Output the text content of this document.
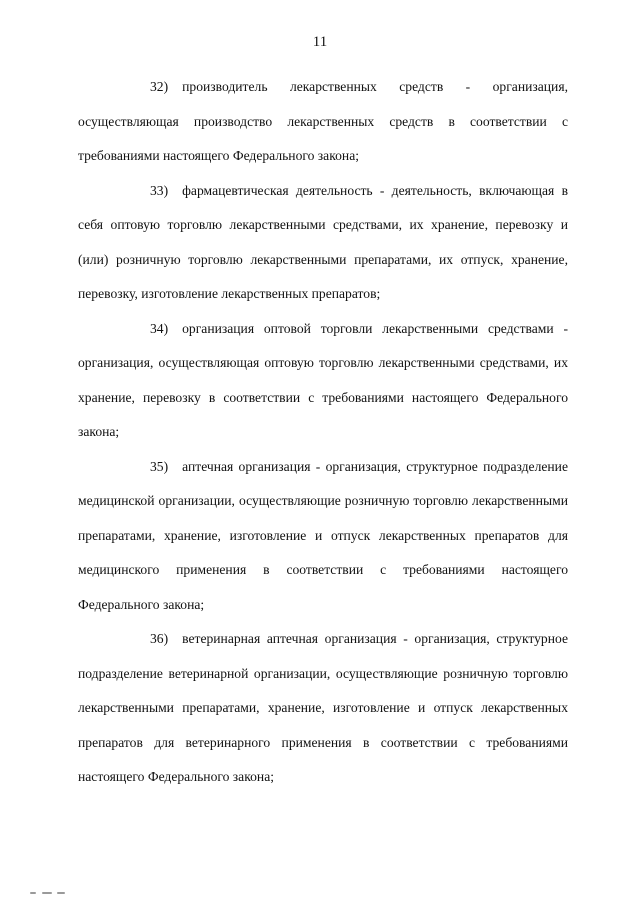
11

32) производитель лекарственных средств - организация, осуществляющая производство лекарственных средств в соответствии с требованиями настоящего Федерального закона;

33) фармацевтическая деятельность - деятельность, включающая в себя оптовую торговлю лекарственными средствами, их хранение, перевозку и (или) розничную торговлю лекарственными препаратами, их отпуск, хранение, перевозку, изготовление лекарственных препаратов;

34) организация оптовой торговли лекарственными средствами - организация, осуществляющая оптовую торговлю лекарственными средствами, их хранение, перевозку в соответствии с требованиями настоящего Федерального закона;

35) аптечная организация - организация, структурное подразделение медицинской организации, осуществляющие розничную торговлю лекарственными препаратами, хранение, изготовление и отпуск лекарственных препаратов для медицинского применения в соответствии с требованиями настоящего Федерального закона;

36) ветеринарная аптечная организация - организация, структурное подразделение ветеринарной организации, осуществляющие розничную торговлю лекарственными препаратами, хранение, изготовление и отпуск лекарственных препаратов для ветеринарного применения в соответствии с требованиями настоящего Федерального закона;
